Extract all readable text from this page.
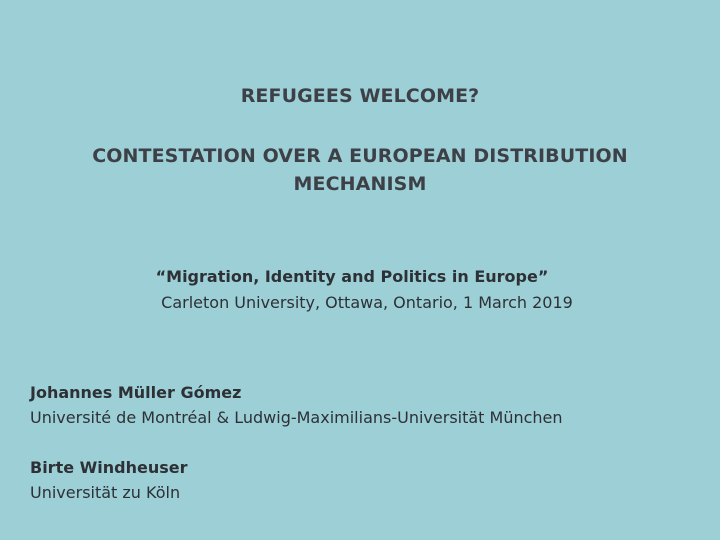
REFUGEES WELCOME?
CONTESTATION OVER A EUROPEAN DISTRIBUTION MECHANISM
“Migration, Identity and Politics in Europe”
Carleton University, Ottawa, Ontario, 1 March 2019
Johannes Müller Gómez
Université de Montréal & Ludwig-Maximilians-Universität München
Birte Windheuser
Universität zu Köln
